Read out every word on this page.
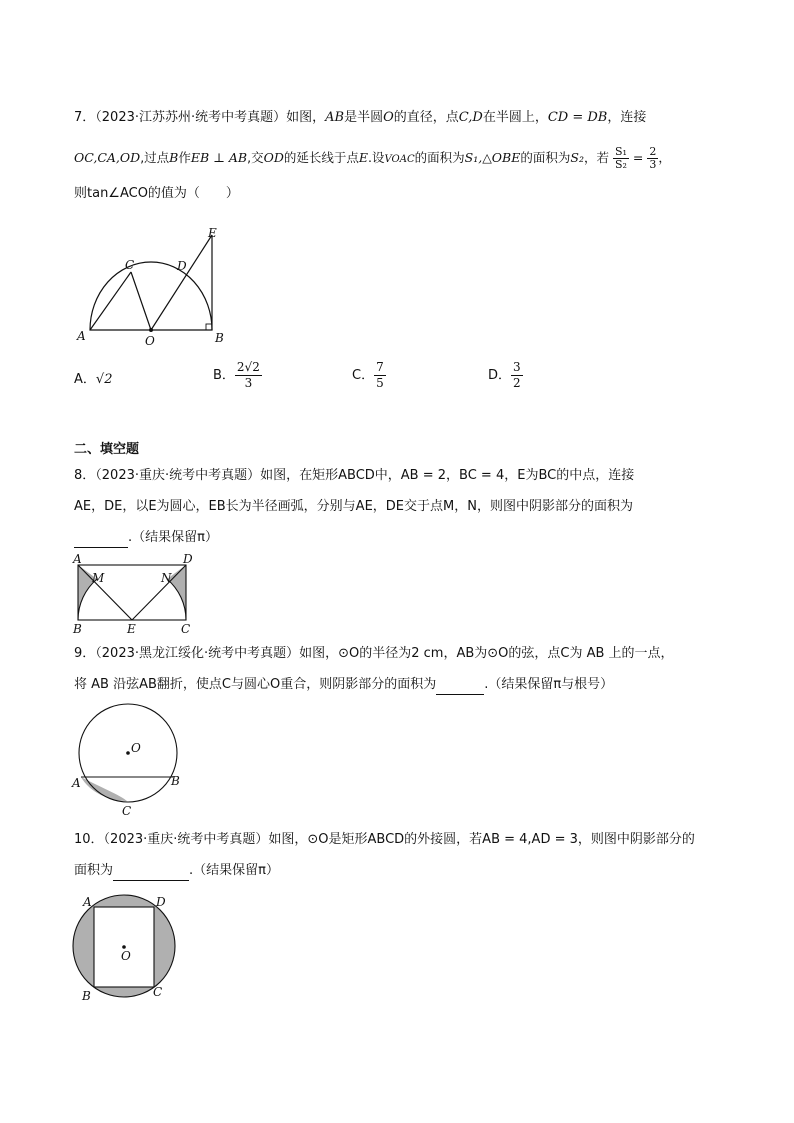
7．（2023·江苏苏州·统考中考真题）如图，AB是半圆O的直径，点C,D在半圆上，CD = DB，连接
OC,CA,OD,过点B作EB ⊥ AB,交OD的延长线于点E.设VOAC的面积为S₁,△OBE的面积为S₂，若 $\frac{\text{S₁}}{\text{S₂}} = \frac{2}{3}$ ，
则tan∠ACO的值为（　　）
A	B
C	D
E
O
A．√2	B． $\frac{2√2}{3}$	C． $\frac{7}{5}$	D． $\frac{3}{2}$
二、填空题
8．（2023·重庆·统考中考真题）如图，在矩形ABCD中，AB = 2，BC = 4，E为BC的中点，连接
AE，DE，以E为圆心，EB长为半径画弧，分别与AE，DE交于点M，N，则图中阴影部分的面积为
.（结果保留π）
A	D
M	N
B	E	C
9．（2023·黑龙江绥化·统考中考真题）如图，⊙O的半径为2 cm，AB为⊙O的弦，点C为 AB 上的一点，
将 AB 沿弦AB翻折，使点C与圆心O重合，则阴影部分的面积为	.（结果保留π与根号）
O
A	B
C
10．（2023·重庆·统考中考真题）如图，⊙O是矩形ABCD的外接圆，若AB = 4,AD = 3，则图中阴影部分的
面积为	.（结果保留π）
O
A	D
B	C
